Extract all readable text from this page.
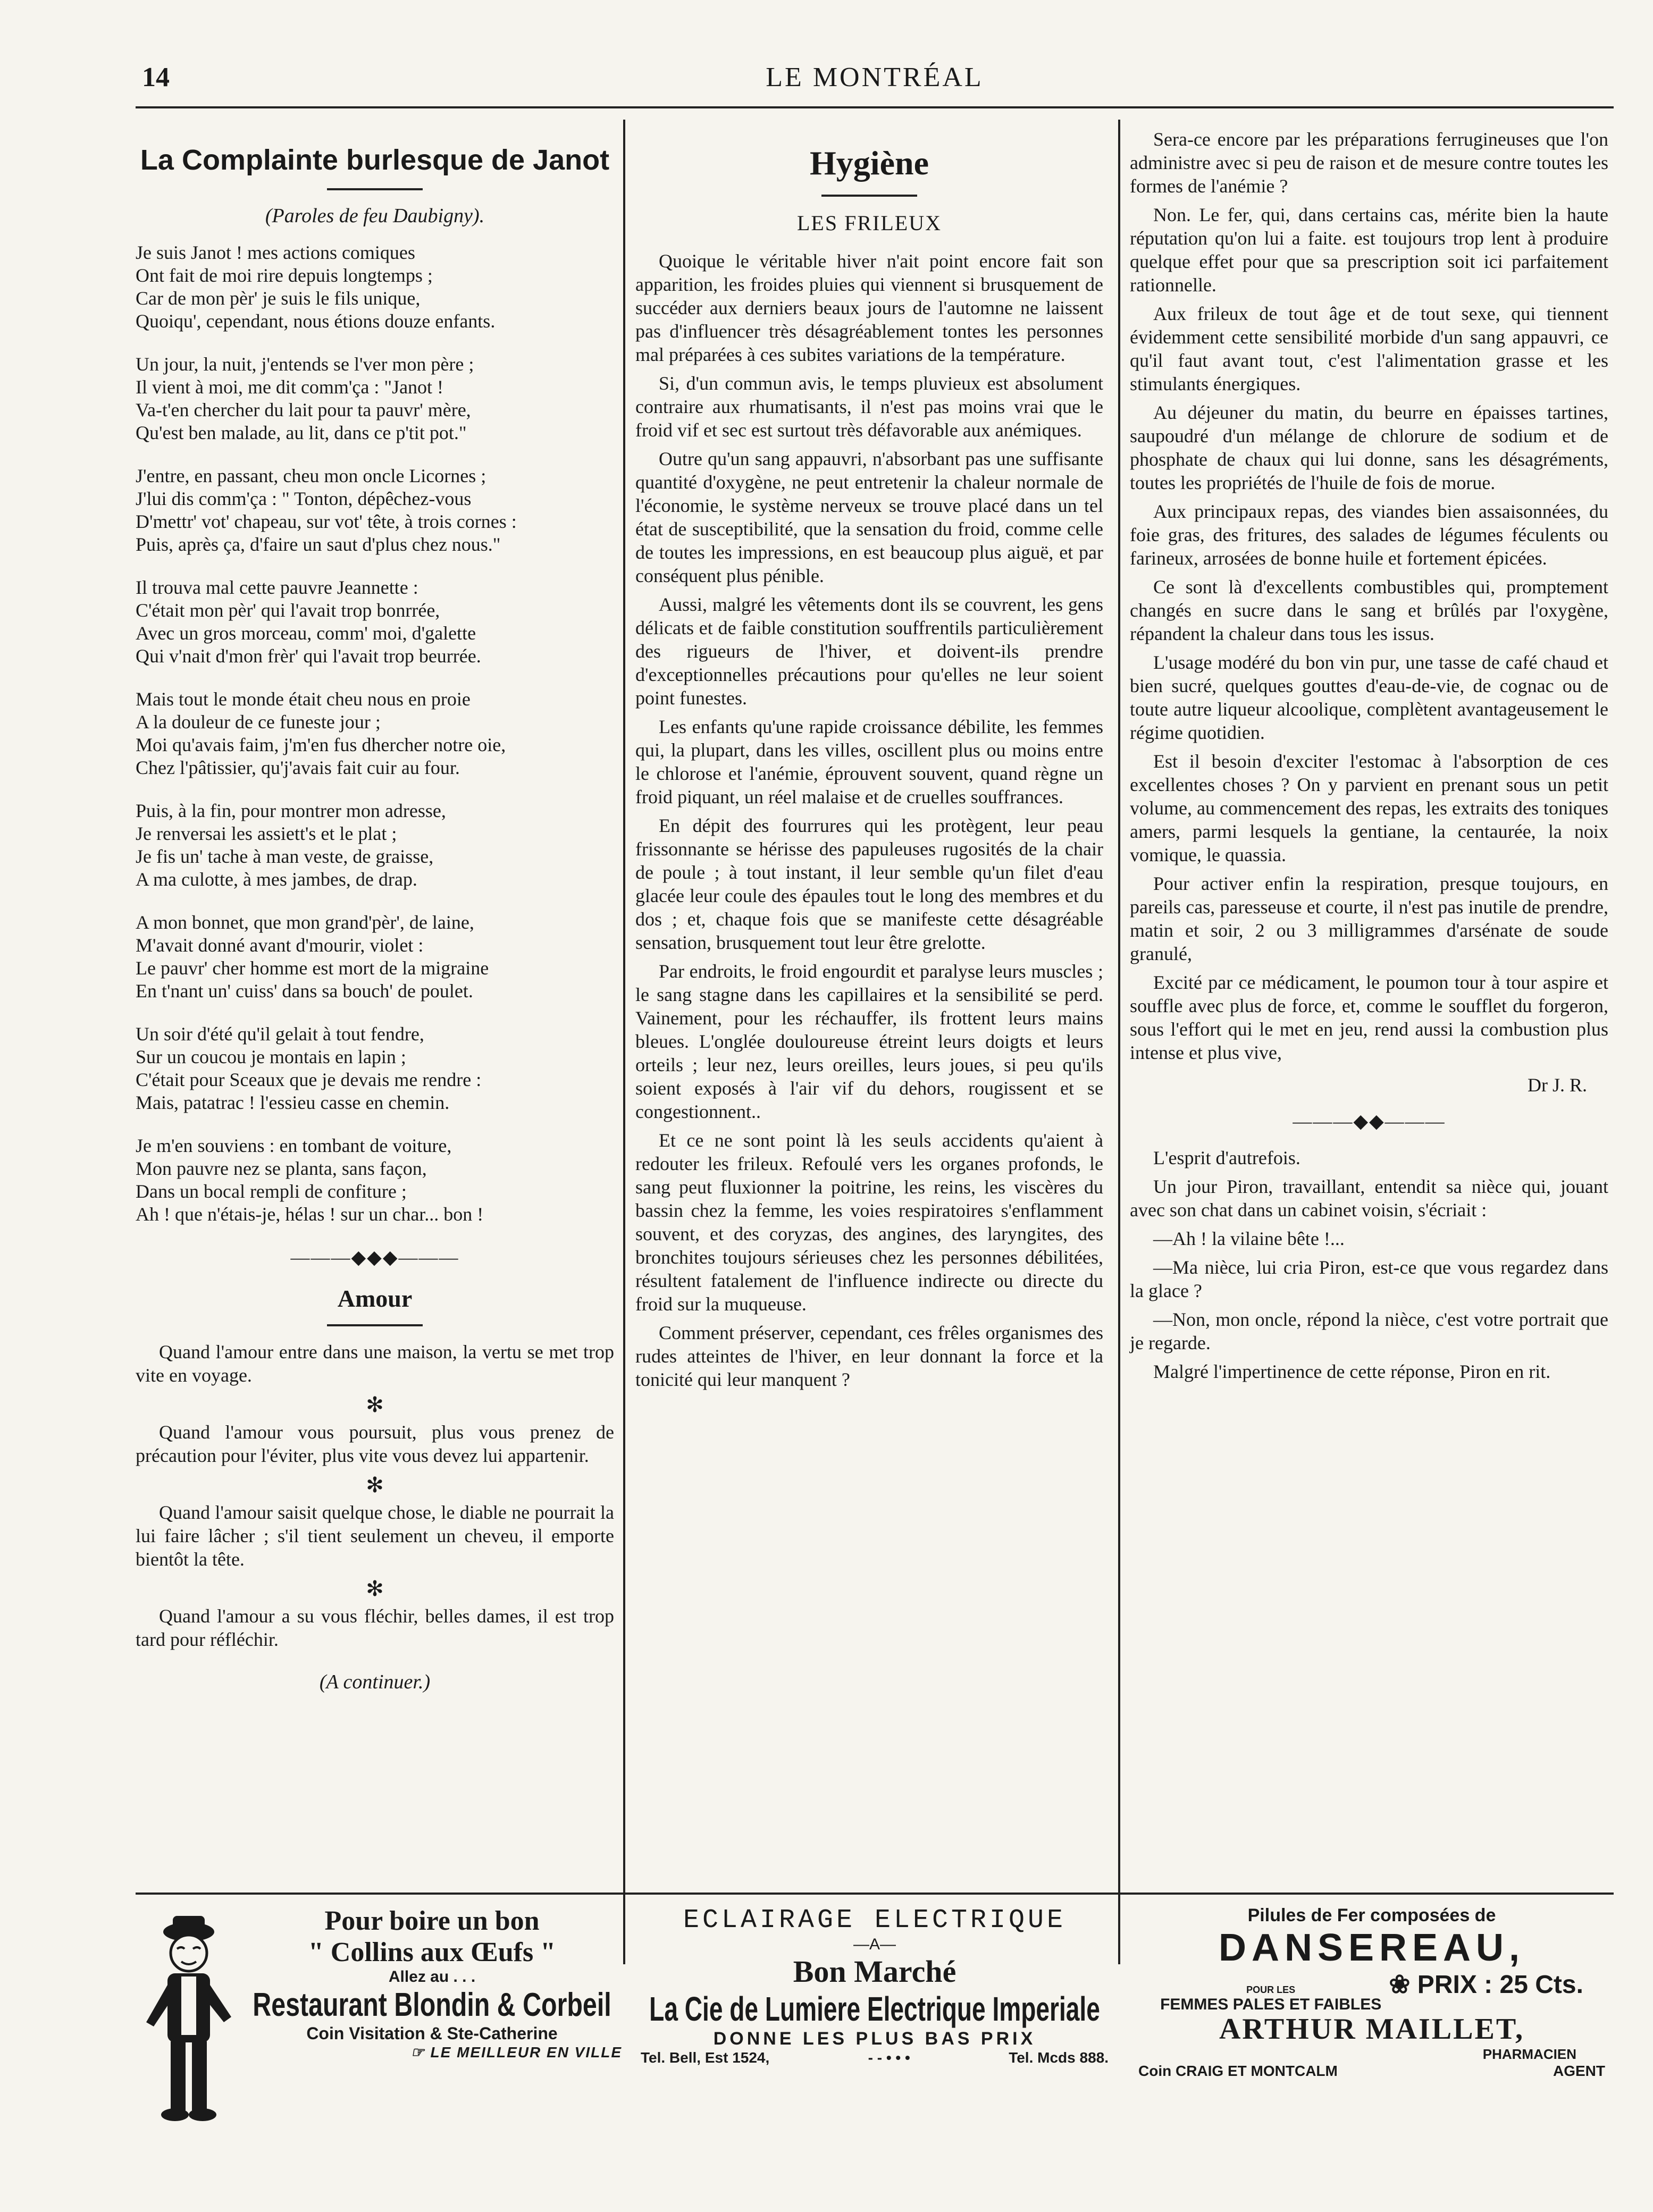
14	LE MONTRÉAL
La Complainte burlesque de Janot
(Paroles de feu Daubigny).
Je suis Janot ! mes actions comiques
Ont fait de moi rire depuis longtemps ;
Car de mon pèr' je suis le fils unique,
Quoiqu', cependant, nous étions douze enfants.
Un jour, la nuit, j'entends se l'ver mon père ;
Il vient à moi, me dit comm'ça : "Janot !
Va-t'en chercher du lait pour ta pauvr' mère,
Qu'est ben malade, au lit, dans ce p'tit pot."
J'entre, en passant, cheu mon oncle Licornes ;
J'lui dis comm'ça : " Tonton, dépêchez-vous
D'mettr' vot' chapeau, sur vot' tête, à trois cornes :
Puis, après ça, d'faire un saut d'plus chez nous."
Il trouva mal cette pauvre Jeannette :
C'était mon pèr' qui l'avait trop bonrrée,
Avec un gros morceau, comm' moi, d'galette
Qui v'nait d'mon frèr' qui l'avait trop beurrée.
Mais tout le monde était cheu nous en proie
A la douleur de ce funeste jour ;
Moi qu'avais faim, j'm'en fus dhercher notre oie,
Chez l'pâtissier, qu'j'avais fait cuir au four.
Puis, à la fin, pour montrer mon adresse,
Je renversai les assiett's et le plat ;
Je fis un' tache à man veste, de graisse,
A ma culotte, à mes jambes, de drap.
A mon bonnet, que mon grand'pèr', de laine,
M'avait donné avant d'mourir, violet :
Le pauvr' cher homme est mort de la migraine
En t'nant un' cuiss' dans sa bouch' de poulet.
Un soir d'été qu'il gelait à tout fendre,
Sur un coucou je montais en lapin ;
C'était pour Sceaux que je devais me rendre :
Mais, patatrac ! l'essieu casse en chemin.
Je m'en souviens : en tombant de voiture,
Mon pauvre nez se planta, sans façon,
Dans un bocal rempli de confiture ;
Ah ! que n'étais-je, hélas ! sur un char... bon !
———◆◆◆———
Amour

Quand l'amour entre dans une maison, la vertu se met trop vite en voyage.

✻

Quand l'amour vous poursuit, plus vous prenez de précaution pour l'éviter, plus vite vous devez lui appartenir.

✻

Quand l'amour saisit quelque chose, le diable ne pourrait la lui faire lâcher ; s'il tient seulement un cheveu, il emporte bientôt la tête.

✻

Quand l'amour a su vous fléchir, belles dames, il est trop tard pour réfléchir.

(A continuer.)
Hygiène
LES FRILEUX

Quoique le véritable hiver n'ait point encore fait son apparition, les froides pluies qui viennent si brusquement de succéder aux derniers beaux jours de l'automne ne laissent pas d'influencer très désagréablement tontes les personnes mal préparées à ces subites variations de la température.

Si, d'un commun avis, le temps pluvieux est absolument contraire aux rhumatisants, il n'est pas moins vrai que le froid vif et sec est surtout très défavorable aux anémiques.

Outre qu'un sang appauvri, n'absorbant pas une suffisante quantité d'oxygène, ne peut entretenir la chaleur normale de l'économie, le système nerveux se trouve placé dans un tel état de susceptibilité, que la sensation du froid, comme celle de toutes les impressions, en est beaucoup plus aiguë, et par conséquent plus pénible.

Aussi, malgré les vêtements dont ils se couvrent, les gens délicats et de faible constitution souffrentils particulièrement des rigueurs de l'hiver, et doivent-ils prendre d'exceptionnelles précautions pour qu'elles ne leur soient point funestes.

Les enfants qu'une rapide croissance débilite, les femmes qui, la plupart, dans les villes, oscillent plus ou moins entre le chlorose et l'anémie, éprouvent souvent, quand règne un froid piquant, un réel malaise et de cruelles souffrances.

En dépit des fourrures qui les protègent, leur peau frissonnante se hérisse des papuleuses rugosités de la chair de poule ; à tout instant, il leur semble qu'un filet d'eau glacée leur coule des épaules tout le long des membres et du dos ; et, chaque fois que se manifeste cette désagréable sensation, brusquement tout leur être grelotte.

Par endroits, le froid engourdit et paralyse leurs muscles ; le sang stagne dans les capillaires et la sensibilité se perd. Vainement, pour les réchauffer, ils frottent leurs mains bleues. L'onglée douloureuse étreint leurs doigts et leurs orteils ; leur nez, leurs oreilles, leurs joues, si peu qu'ils soient exposés à l'air vif du dehors, rougissent et se congestionnent..

Et ce ne sont point là les seuls accidents qu'aient à redouter les frileux. Refoulé vers les organes profonds, le sang peut fluxionner la poitrine, les reins, les viscères du bassin chez la femme, les voies respiratoires s'enflamment souvent, et des coryzas, des angines, des laryngites, des bronchites toujours sérieuses chez les personnes débilitées, résultent fatalement de l'influence indirecte ou directe du froid sur la muqueuse.

Comment préserver, cependant, ces frêles organismes des rudes atteintes de l'hiver, en leur donnant la force et la tonicité qui leur manquent ?

Sera-ce encore par les préparations ferrugineuses que l'on administre avec si peu de raison et de mesure contre toutes les formes de l'anémie ?

Non. Le fer, qui, dans certains cas, mérite bien la haute réputation qu'on lui a faite. est toujours trop lent à produire quelque effet pour que sa prescription soit ici parfaitement rationnelle.

Aux frileux de tout âge et de tout sexe, qui tiennent évidemment cette sensibilité morbide d'un sang appauvri, ce qu'il faut avant tout, c'est l'alimentation grasse et les stimulants énergiques.

Au déjeuner du matin, du beurre en épaisses tartines, saupoudré d'un mélange de chlorure de sodium et de phosphate de chaux qui lui donne, sans les désagréments, toutes les propriétés de l'huile de fois de morue.

Aux principaux repas, des viandes bien assaisonnées, du foie gras, des fritures, des salades de légumes féculents ou farineux, arrosées de bonne huile et fortement épicées.

Ce sont là d'excellents combustibles qui, promptement changés en sucre dans le sang et brûlés par l'oxygène, répandent la chaleur dans tous les issus.

L'usage modéré du bon vin pur, une tasse de café chaud et bien sucré, quelques gouttes d'eau-de-vie, de cognac ou de toute autre liqueur alcoolique, complètent avantageusement le régime quotidien.

Est il besoin d'exciter l'estomac à l'absorption de ces excellentes choses ? On y parvient en prenant sous un petit volume, au commencement des repas, les extraits des toniques amers, parmi lesquels la gentiane, la centaurée, la noix vomique, le quassia.

Pour activer enfin la respiration, presque toujours, en pareils cas, paresseuse et courte, il n'est pas inutile de prendre, matin et soir, 2 ou 3 milligrammes d'arsénate de soude granulé,

Excité par ce médicament, le poumon tour à tour aspire et souffle avec plus de force, et, comme le soufflet du forgeron, sous l'effort qui le met en jeu, rend aussi la combustion plus intense et plus vive,

Dr J. R.
———◆◆———

L'esprit d'autrefois.

Un jour Piron, travaillant, entendit sa nièce qui, jouant avec son chat dans un cabinet voisin, s'écriait :

—Ah ! la vilaine bête !...

—Ma nièce, lui cria Piron, est-ce que vous regardez dans la glace ?

—Non, mon oncle, répond la nièce, c'est votre portrait que je regarde.

Malgré l'impertinence de cette réponse, Piron en rit.

Pour boire un bon
" Collins aux Œufs "
Allez au . . .
Restaurant Blondin & Corbeil
Coin Visitation & Ste-Catherine
☞ LE MEILLEUR EN VILLE
ECLAIRAGE ELECTRIQUE
—A—
Bon Marché
La Cie de Lumiere Electrique Imperiale
DONNE LES PLUS BAS PRIX
Tel. Bell, Est 1524,	- - • • •	Tel. Mcds 888.
Pilules de Fer composées de
DANSEREAU,
POUR LES
FEMMES PALES ET FAIBLES
❀ PRIX : 25 Cts.
ARTHUR MAILLET,
PHARMACIEN
Coin CRAIG ET MONTCALM	AGENT
